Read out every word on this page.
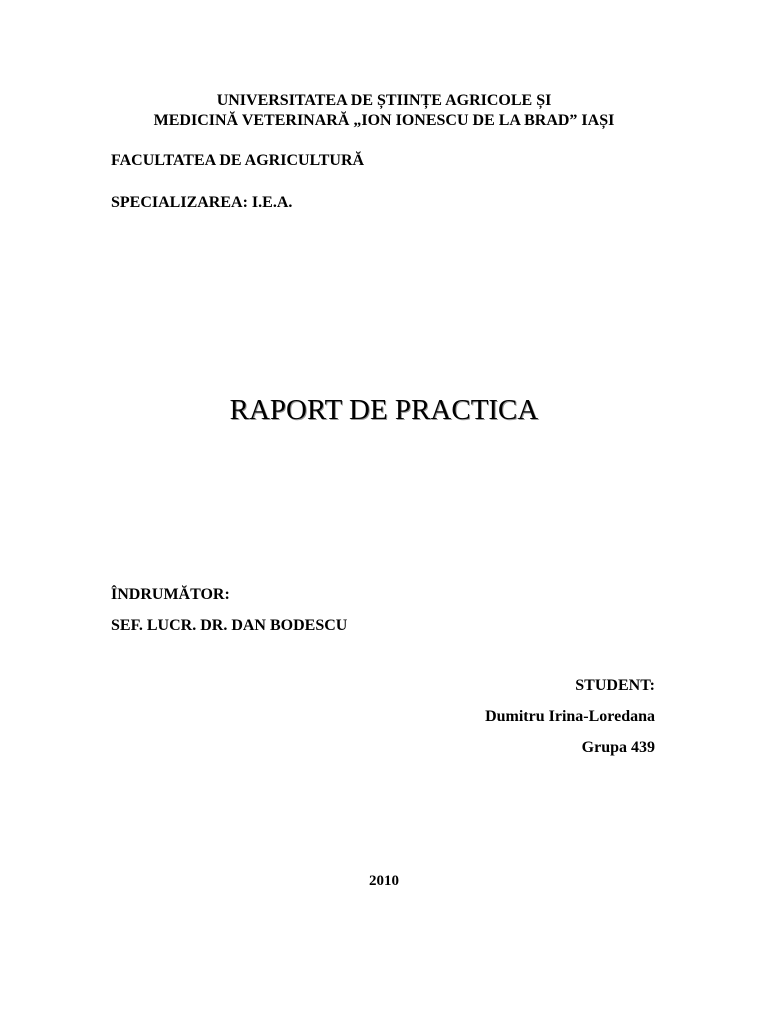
UNIVERSITATEA DE ȘTIINȚE AGRICOLE ȘI

MEDICINĂ VETERINARĂ „ION IONESCU DE LA BRAD” IAȘI

FACULTATEA DE AGRICULTURĂ

SPECIALIZAREA: I.E.A.

RAPORT DE PRACTICA

ÎNDRUMĂTOR:

SEF. LUCR. DR. DAN BODESCU

STUDENT:

Dumitru Irina-Loredana

Grupa 439

2010
